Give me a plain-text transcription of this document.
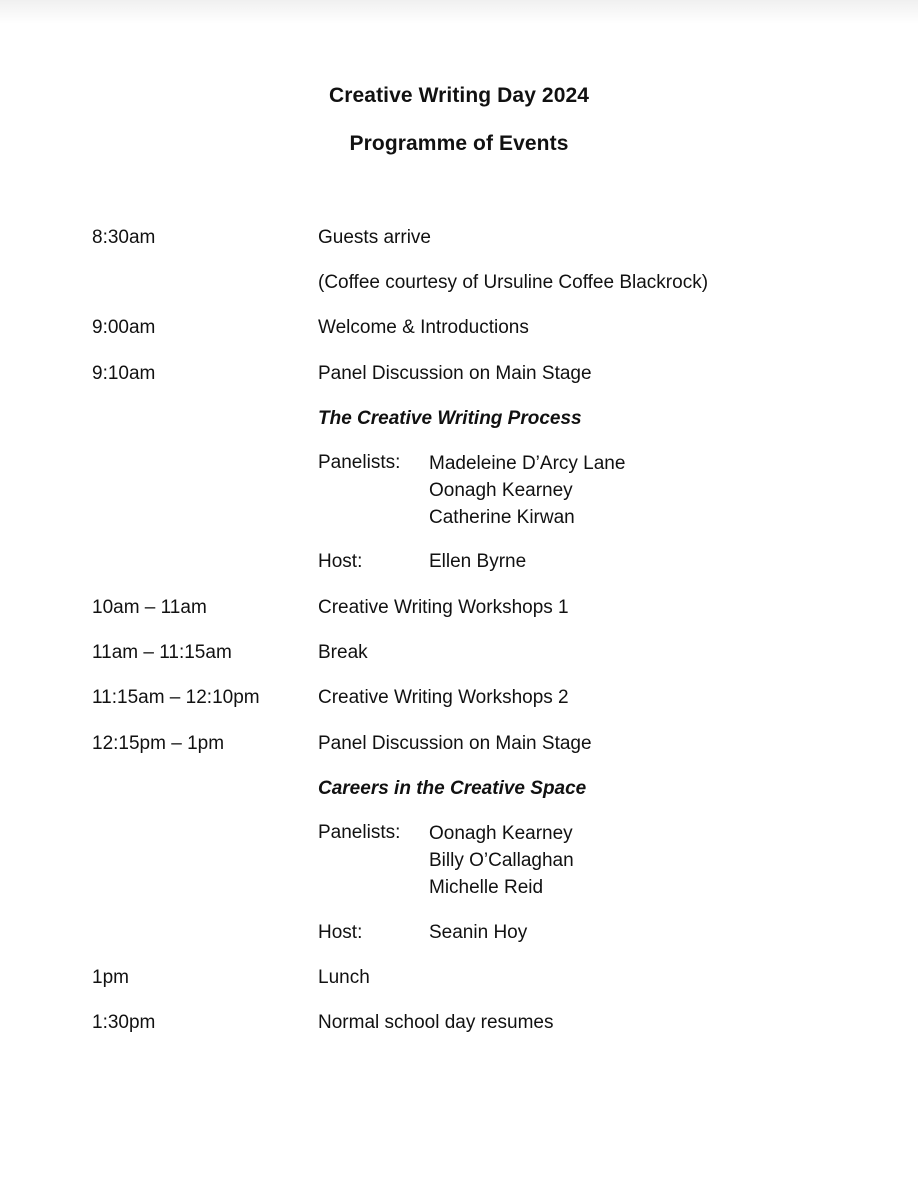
Creative Writing Day 2024
Programme of Events
8:30am	Guests arrive
(Coffee courtesy of Ursuline Coffee Blackrock)
9:00am	Welcome & Introductions
9:10am	Panel Discussion on Main Stage
The Creative Writing Process
Panelists: Madeleine D’Arcy Lane
Oonagh Kearney
Catherine Kirwan
Host:	Ellen Byrne
10am – 11am	Creative Writing Workshops 1
11am – 11:15am	Break
11:15am – 12:10pm	Creative Writing Workshops 2
12:15pm – 1pm	Panel Discussion on Main Stage
Careers in the Creative Space
Panelists: Oonagh Kearney
Billy O’Callaghan
Michelle Reid
Host:	Seanin Hoy
1pm	Lunch
1:30pm	Normal school day resumes
